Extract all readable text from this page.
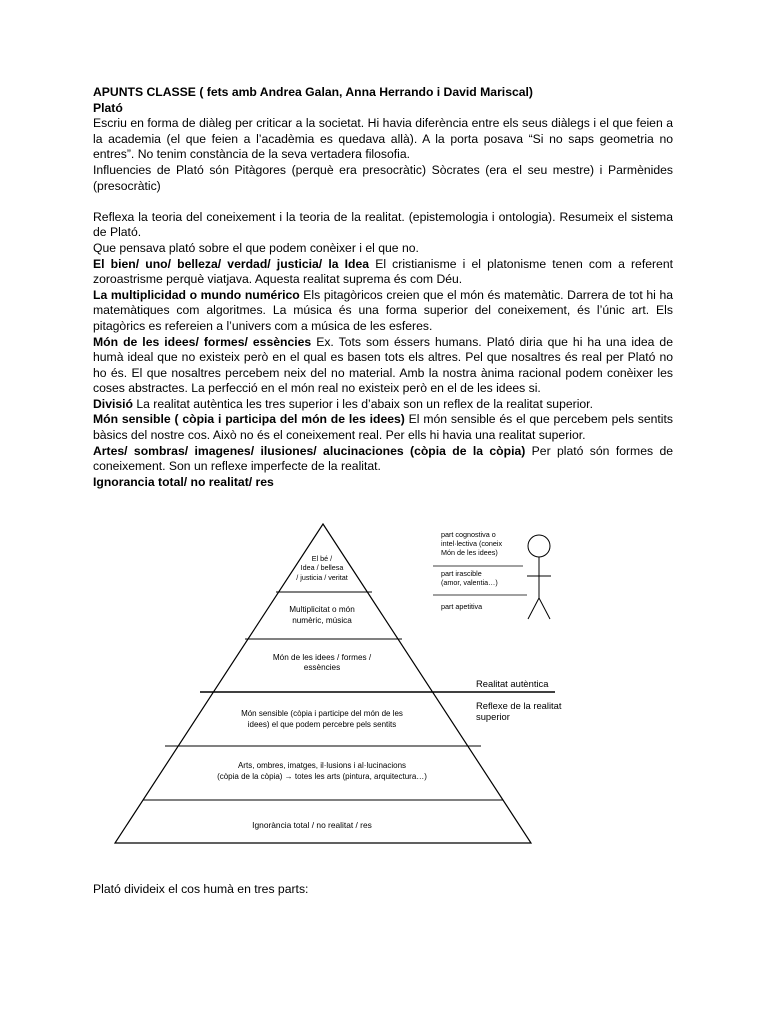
APUNTS CLASSE ( fets amb Andrea Galan, Anna Herrando i David Mariscal)

Plató

Escriu en forma de diàleg per criticar a la societat. Hi havia diferència entre els seus diàlegs i el que feien a la academia (el que feien a l’acadèmia es quedava allà). A la porta posava “Si no saps geometria no entres”. No tenim constància de la seva vertadera filosofia.

Influencies de Plató són Pitàgores (perquè era presocràtic) Sòcrates (era el seu mestre) i Parmènides (presocràtic)

Reflexa la teoria del coneixement i la teoria de la realitat. (epistemologia i ontologia). Resumeix el sistema de Plató.

Que pensava plató sobre el que podem conèixer i el que no.

El bien/ uno/ belleza/ verdad/ justicia/ la Idea El cristianisme i el platonisme tenen com a referent zoroastrisme perquè viatjava. Aquesta realitat suprema és com Déu.

La multiplicidad o mundo numérico Els pitagòricos creien que el món és matemàtic. Darrera de tot hi ha matemàtiques com algoritmes. La música és una forma superior del coneixement, és l’únic art. Els pitagòrics es refereien a l’univers com a música de les esferes.

Món de les idees/ formes/ essències Ex. Tots som éssers humans. Plató diria que hi ha una idea de humà ideal que no existeix però en el qual es basen tots els altres. Pel que nosaltres és real per Plató no ho és. El que nosaltres percebem neix del no material. Amb la nostra ànima racional podem conèixer les coses abstractes. La perfecció en el món real no existeix però en el de les idees si.

Divisió La realitat autèntica les tres superior i les d’abaix son un reflex de la realitat superior.

Món sensible ( còpia i participa del món de les idees) El món sensible és el que percebem pels sentits bàsics del nostre cos. Això no és el coneixement real. Per ells hi havia una realitat superior.

Artes/ sombras/ imagenes/ ilusiones/ alucinaciones (còpia de la còpia) Per plató són formes de coneixement. Son un reflexe imperfecte de la realitat.

Ignorancia total/ no realitat/ res

El bé /
Idea / bellesa
/ justicia / veritat
Multiplicitat o món
numèric, música
Món de les idees / formes /
essències
Món sensible (còpia i participe del món de les
idees) el que podem percebre pels sentits
Arts, ombres, imatges, il·lusions i al·lucinacions
(còpia de la còpia) → totes les arts (pintura, arquitectura…)
Ignorància total / no realitat / res
Realitat autèntica
Reflexe de la realitat
superior
part cognostiva o
intel·lectiva (coneix
Món de les idees)
part irascible
(amor, valentia…)
part apetitiva
Plató divideix el cos humà en tres parts:
